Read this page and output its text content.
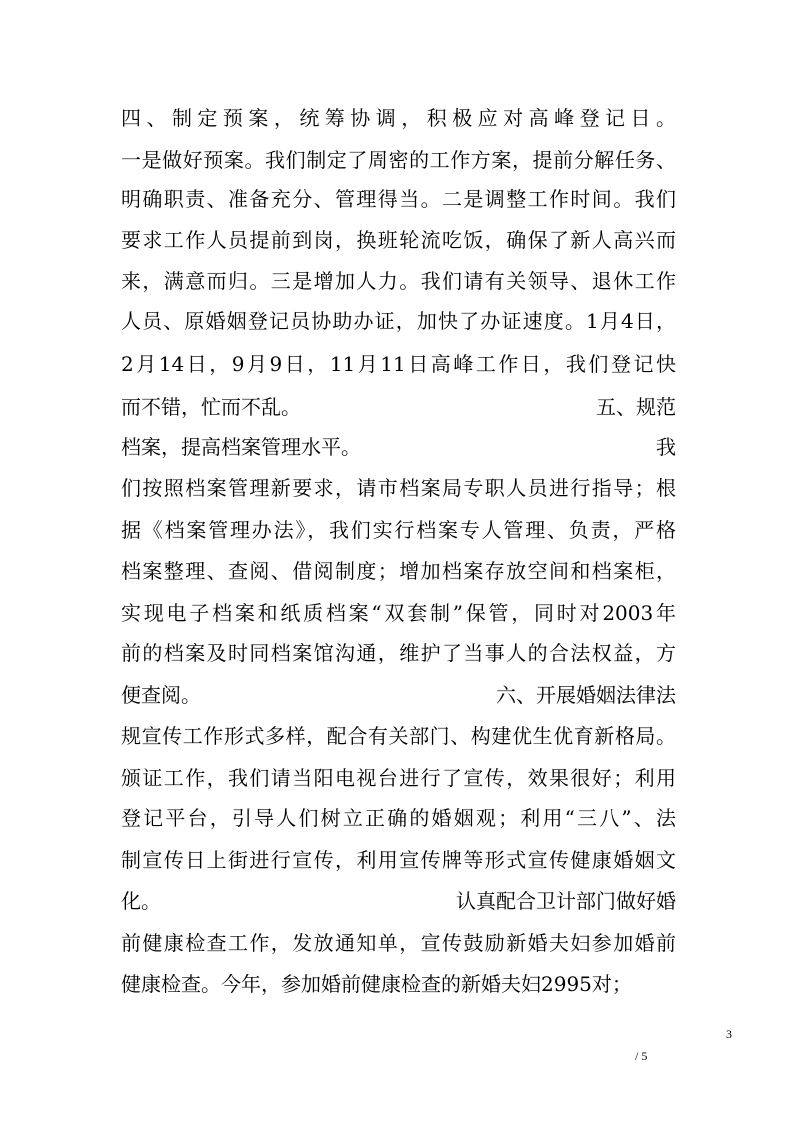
四、制定预案，统筹协调，积极应对高峰登记日。
一是做好预案。我们制定了周密的工作方案，提前分解任务、
明确职责、准备充分、管理得当。二是调整工作时间。我们
要求工作人员提前到岗，换班轮流吃饭，确保了新人高兴而
来，满意而归。三是增加人力。我们请有关领导、退休工作
人员、原婚姻登记员协助办证，加快了办证速度。1月4日，
2月14日，9月9日，11月11日高峰工作日，我们登记快
而不错，忙而不乱。	五、规范
档案，提高档案管理水平。	我
们按照档案管理新要求，请市档案局专职人员进行指导；根
据《档案管理办法》，我们实行档案专人管理、负责，严格
档案整理、查阅、借阅制度；增加档案存放空间和档案柜，
实现电子档案和纸质档案“双套制”保管，同时对2003年
前的档案及时同档案馆沟通，维护了当事人的合法权益，方
便查阅。	六、开展婚姻法律法
规宣传工作形式多样，配合有关部门、构建优生优育新格局。
颁证工作，我们请当阳电视台进行了宣传，效果很好；利用
登记平台，引导人们树立正确的婚姻观；利用“三八”、法
制宣传日上街进行宣传，利用宣传牌等形式宣传健康婚姻文
化。	认真配合卫计部门做好婚
前健康检查工作，发放通知单，宣传鼓励新婚夫妇参加婚前
健康检查。今年，参加婚前健康检查的新婚夫妇2995对；
3
/ 5
